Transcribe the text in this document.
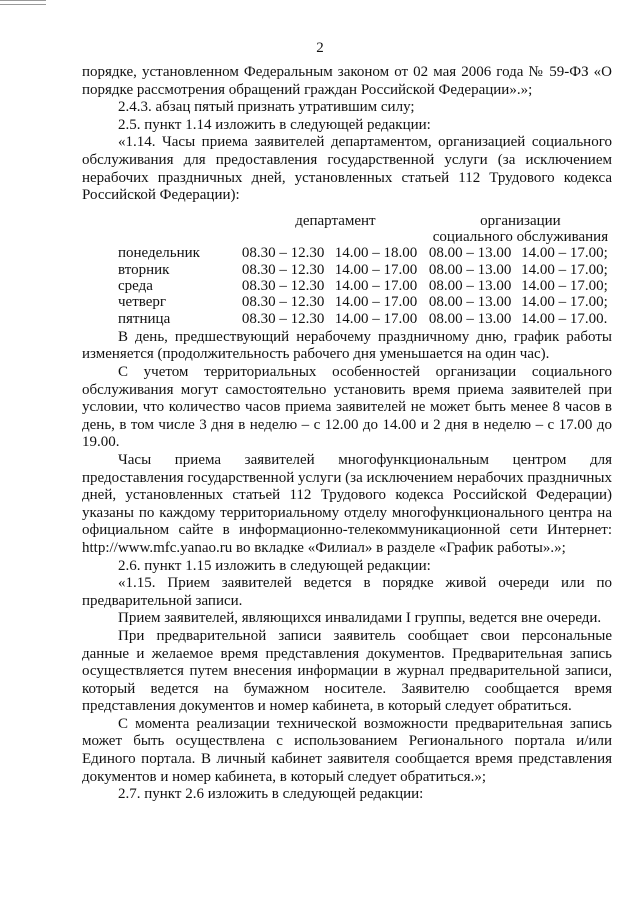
2

порядке, установленном Федеральным законом от 02 мая 2006 года № 59-ФЗ «О порядке рассмотрения обращений граждан Российской Федерации».»;

2.4.3. абзац пятый признать утратившим силу;

2.5. пункт 1.14 изложить в следующей редакции:

«1.14. Часы приема заявителей департаментом, организацией социального обслуживания для предоставления государственной услуги (за исключением нерабочих праздничных дней, установленных статьей 112 Трудового кодекса Российской Федерации):

	департамент		организации	
			социального обслуживания	
понедельник	08.30 – 12.30	14.00 – 18.00	08.00 – 13.00	14.00 – 17.00;
вторник	08.30 – 12.30	14.00 – 17.00	08.00 – 13.00	14.00 – 17.00;
среда	08.30 – 12.30	14.00 – 17.00	08.00 – 13.00	14.00 – 17.00;
четверг	08.30 – 12.30	14.00 – 17.00	08.00 – 13.00	14.00 – 17.00;
пятница	08.30 – 12.30	14.00 – 17.00	08.00 – 13.00	14.00 – 17.00.

В день, предшествующий нерабочему праздничному дню, график работы изменяется (продолжительность рабочего дня уменьшается на один час).

С учетом территориальных особенностей организации социального обслуживания могут самостоятельно установить время приема заявителей при условии, что количество часов приема заявителей не может быть менее 8 часов в день, в том числе 3 дня в неделю – с 12.00 до 14.00 и 2 дня в неделю – с 17.00 до 19.00.

Часы приема заявителей многофункциональным центром для предоставления государственной услуги (за исключением нерабочих праздничных дней, установленных статьей 112 Трудового кодекса Российской Федерации) указаны по каждому территориальному отделу многофункционального центра на официальном сайте в информационно-телекоммуникационной сети Интернет: http://www.mfc.yanao.ru во вкладке «Филиал» в разделе «График работы».»;

2.6. пункт 1.15 изложить в следующей редакции:

«1.15. Прием заявителей ведется в порядке живой очереди или по предварительной записи.

Прием заявителей, являющихся инвалидами I группы, ведется вне очереди.

При предварительной записи заявитель сообщает свои персональные данные и желаемое время представления документов. Предварительная запись осуществляется путем внесения информации в журнал предварительной записи, который ведется на бумажном носителе. Заявителю сообщается время представления документов и номер кабинета, в который следует обратиться.

С момента реализации технической возможности предварительная запись может быть осуществлена с использованием Регионального портала и/или Единого портала. В личный кабинет заявителя сообщается время представления документов и номер кабинета, в который следует обратиться.»;

2.7. пункт 2.6 изложить в следующей редакции:
